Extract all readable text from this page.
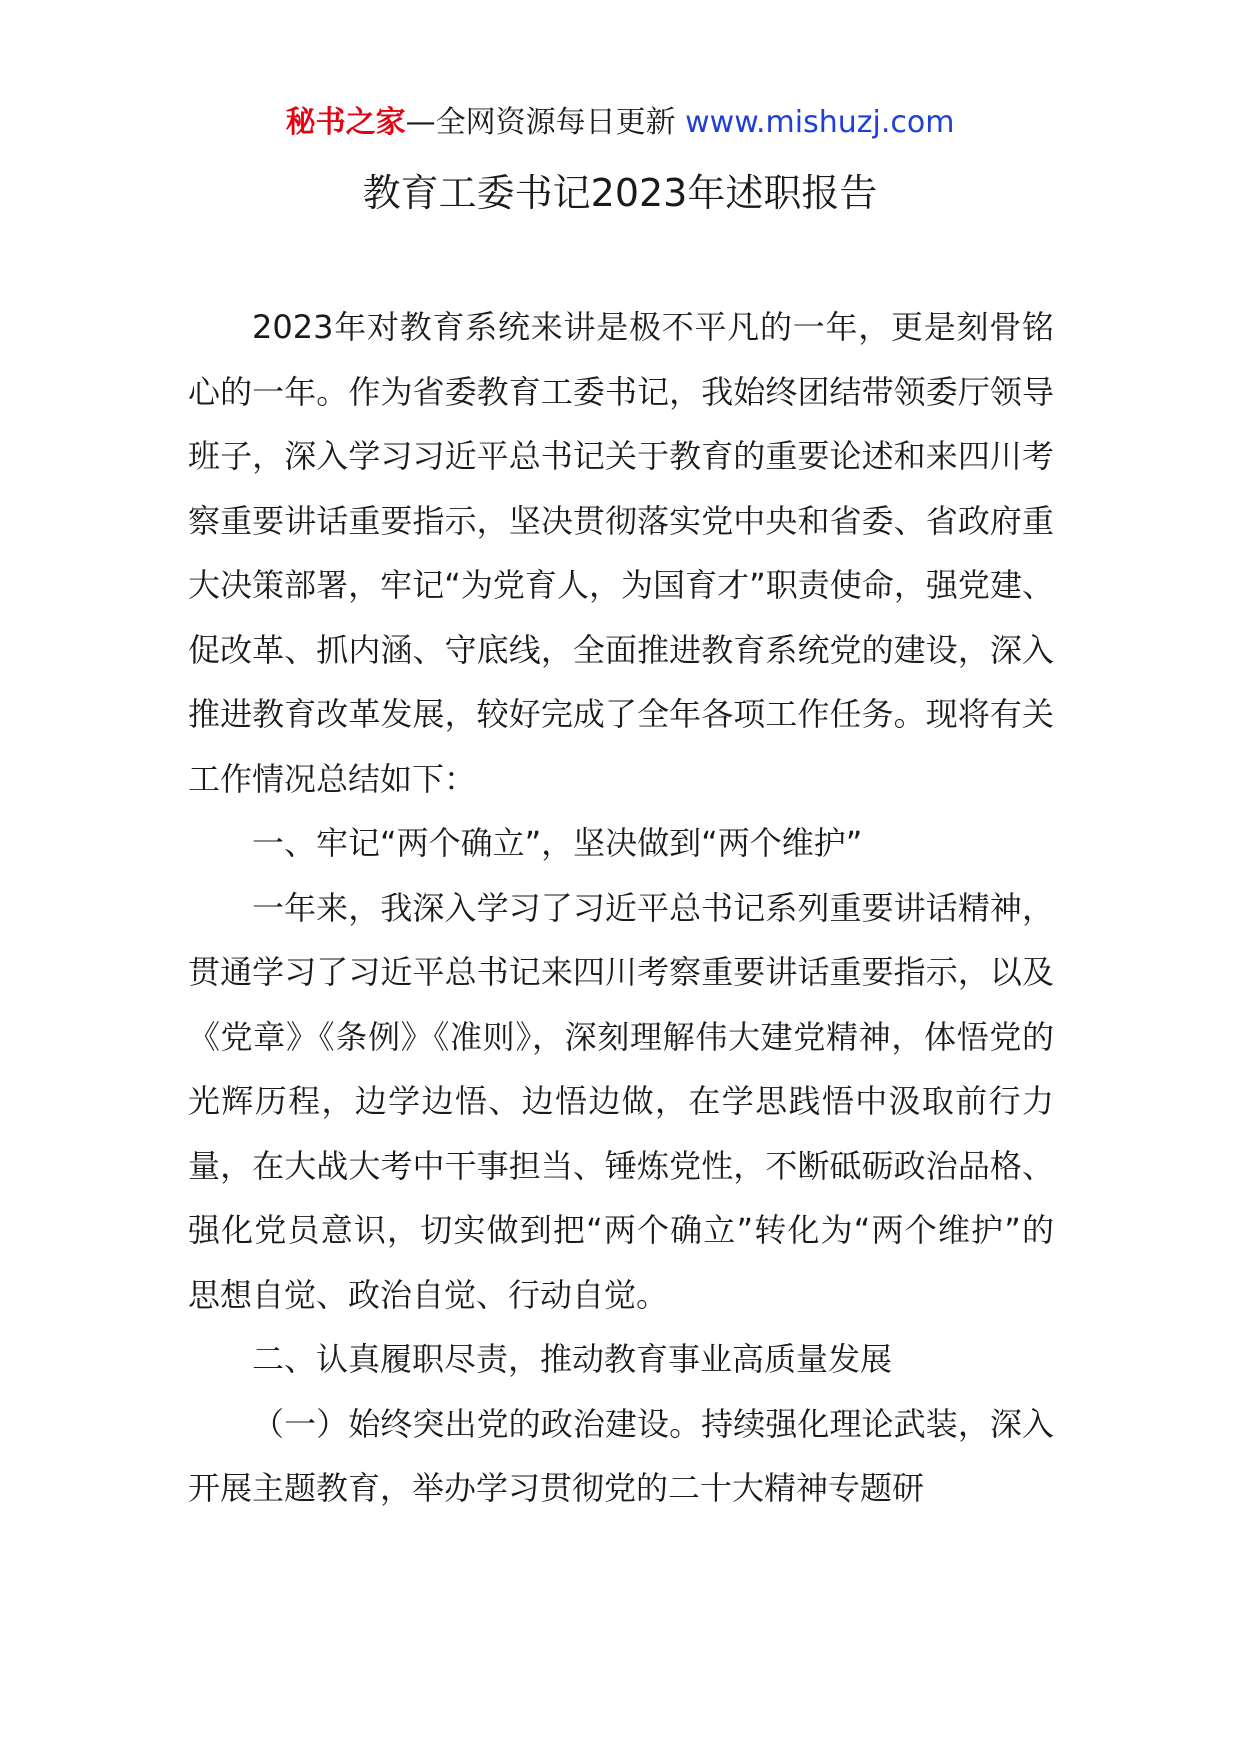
秘书之家—全网资源每日更新 www.mishuzj.com
教育工委书记2023年述职报告

2023年对教育系统来讲是极不平凡的一年，更是刻骨铭心的一年。作为省委教育工委书记，我始终团结带领委厅领导班子，深入学习习近平总书记关于教育的重要论述和来四川考察重要讲话重要指示，坚决贯彻落实党中央和省委、省政府重大决策部署，牢记“为党育人，为国育才”职责使命，强党建、促改革、抓内涵、守底线，全面推进教育系统党的建设，深入推进教育改革发展，较好完成了全年各项工作任务。现将有关工作情况总结如下：

一、牢记“两个确立”，坚决做到“两个维护”

一年来，我深入学习了习近平总书记系列重要讲话精神，贯通学习了习近平总书记来四川考察重要讲话重要指示，以及《党章》《条例》《准则》，深刻理解伟大建党精神，体悟党的光辉历程，边学边悟、边悟边做，在学思践悟中汲取前行力量，在大战大考中干事担当、锤炼党性，不断砥砺政治品格、强化党员意识，切实做到把“两个确立”转化为“两个维护”的思想自觉、政治自觉、行动自觉。

二、认真履职尽责，推动教育事业高质量发展

（一）始终突出党的政治建设。持续强化理论武装，深入开展主题教育，举办学习贯彻党的二十大精神专题研
